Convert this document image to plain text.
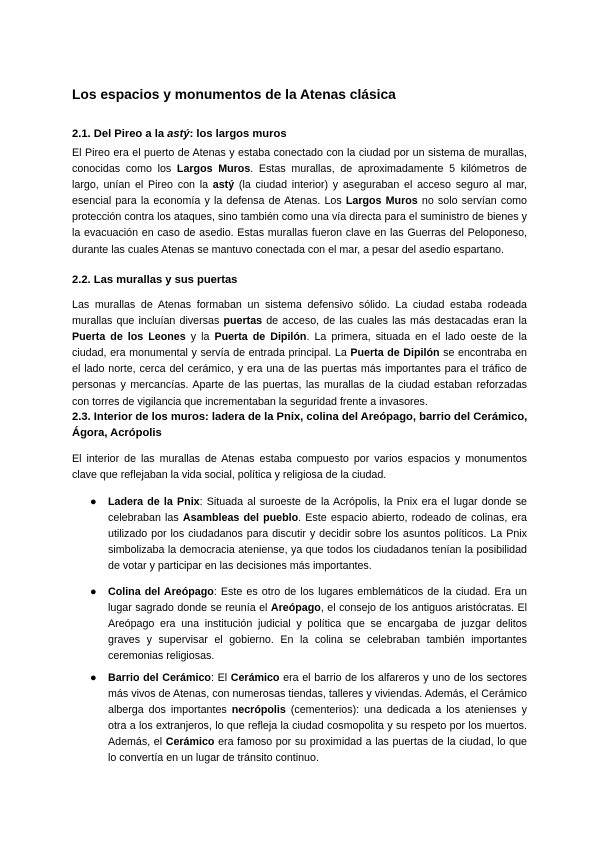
Los espacios y monumentos de la Atenas clásica
2.1. Del Pireo a la astý: los largos muros

El Pireo era el puerto de Atenas y estaba conectado con la ciudad por un sistema de murallas, conocidas como los Largos Muros. Estas murallas, de aproximadamente 5 kilómetros de largo, unían el Pireo con la astý (la ciudad interior) y aseguraban el acceso seguro al mar, esencial para la economía y la defensa de Atenas. Los Largos Muros no solo servían como protección contra los ataques, sino también como una vía directa para el suministro de bienes y la evacuación en caso de asedio. Estas murallas fueron clave en las Guerras del Peloponeso, durante las cuales Atenas se mantuvo conectada con el mar, a pesar del asedio espartano.

2.2. Las murallas y sus puertas

Las murallas de Atenas formaban un sistema defensivo sólido. La ciudad estaba rodeada murallas que incluían diversas puertas de acceso, de las cuales las más destacadas eran la Puerta de los Leones y la Puerta de Dipilón. La primera, situada en el lado oeste de la ciudad, era monumental y servía de entrada principal. La Puerta de Dipilón se encontraba en el lado norte, cerca del cerámico, y era una de las puertas más importantes para el tráfico de personas y mercancías. Aparte de las puertas, las murallas de la ciudad estaban reforzadas con torres de vigilancia que incrementaban la seguridad frente a invasores.

2.3. Interior de los muros: ladera de la Pnix, colina del Areópago, barrio del Cerámico, Ágora, Acrópolis

El interior de las murallas de Atenas estaba compuesto por varios espacios y monumentos clave que reflejaban la vida social, política y religiosa de la ciudad.

● Ladera de la Pnix: Situada al suroeste de la Acrópolis, la Pnix era el lugar donde se celebraban las Asambleas del pueblo. Este espacio abierto, rodeado de colinas, era utilizado por los ciudadanos para discutir y decidir sobre los asuntos políticos. La Pnix simbolizaba la democracia ateniense, ya que todos los ciudadanos tenían la posibilidad de votar y participar en las decisiones más importantes.

● Colina del Areópago: Este es otro de los lugares emblemáticos de la ciudad. Era un lugar sagrado donde se reunía el Areópago, el consejo de los antiguos aristócratas. El Areópago era una institución judicial y política que se encargaba de juzgar delitos graves y supervisar el gobierno. En la colina se celebraban también importantes ceremonias religiosas.

● Barrio del Cerámico: El Cerámico era el barrio de los alfareros y uno de los sectores más vivos de Atenas, con numerosas tiendas, talleres y viviendas. Además, el Cerámico alberga dos importantes necrópolis (cementerios): una dedicada a los atenienses y otra a los extranjeros, lo que refleja la ciudad cosmopolita y su respeto por los muertos. Además, el Cerámico era famoso por su proximidad a las puertas de la ciudad, lo que lo convertía en un lugar de tránsito continuo.
